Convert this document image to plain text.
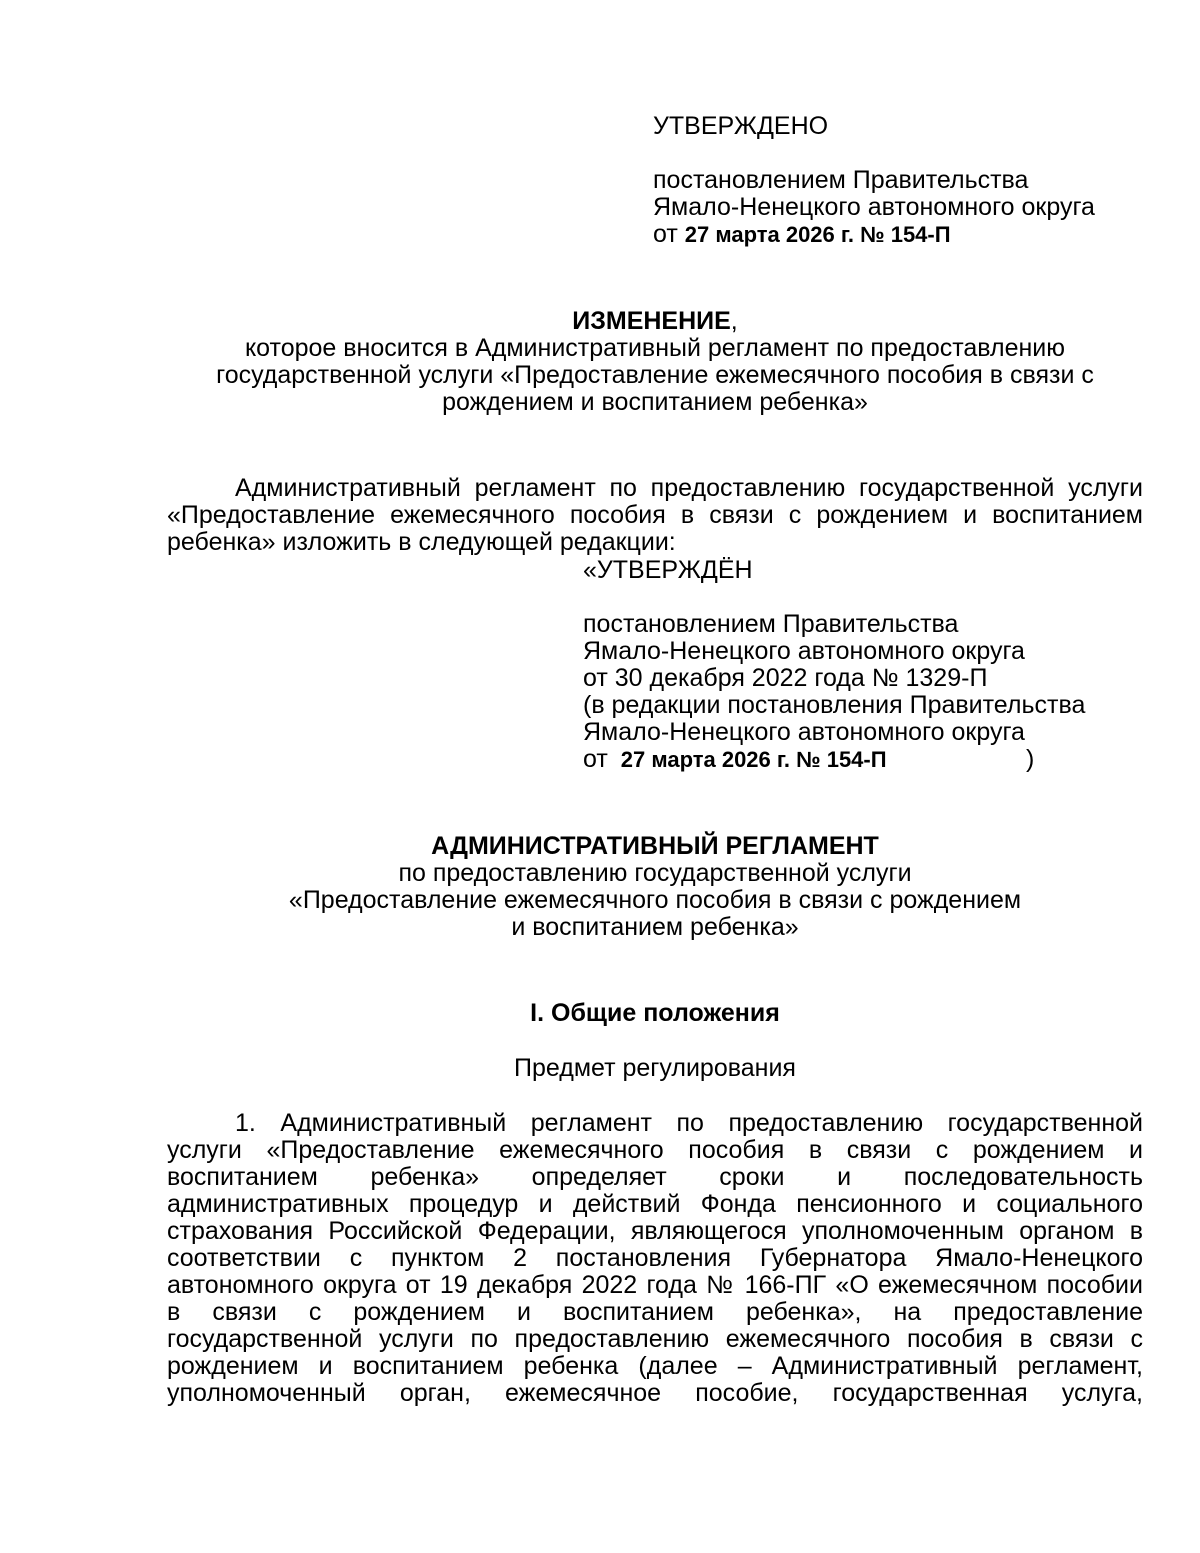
УТВЕРЖДЕНО
постановлением Правительства
Ямало-Ненецкого автономного округа
от 27 марта 2026 г. № 154-П
ИЗМЕНЕНИЕ,
которое вносится в Административный регламент по предоставлению
государственной услуги «Предоставление ежемесячного пособия в связи с
рождением и воспитанием ребенка»
Административный регламент по предоставлению государственной услуги
«Предоставление ежемесячного пособия в связи с рождением и воспитанием
ребенка» изложить в следующей редакции:
«УТВЕРЖДЁН
постановлением Правительства
Ямало-Ненецкого автономного округа
от 30 декабря 2022 года № 1329-П
(в редакции постановления Правительства
Ямало-Ненецкого автономного округа
от 27 марта 2026 г. № 154-П	)
АДМИНИСТРАТИВНЫЙ РЕГЛАМЕНТ
по предоставлению государственной услуги
«Предоставление ежемесячного пособия в связи с рождением
и воспитанием ребенка»
I. Общие положения
Предмет регулирования
1. Административный регламент по предоставлению государственной
услуги «Предоставление ежемесячного пособия в связи с рождением и
воспитанием ребенка» определяет сроки и последовательность
административных процедур и действий Фонда пенсионного и социального
страхования Российской Федерации, являющегося уполномоченным органом в
соответствии с пунктом 2 постановления Губернатора Ямало-Ненецкого
автономного округа от 19 декабря 2022 года № 166-ПГ «О ежемесячном пособии
в связи с рождением и воспитанием ребенка», на предоставление
государственной услуги по предоставлению ежемесячного пособия в связи с
рождением и воспитанием ребенка (далее – Административный регламент,
уполномоченный орган, ежемесячное пособие, государственная услуга,
